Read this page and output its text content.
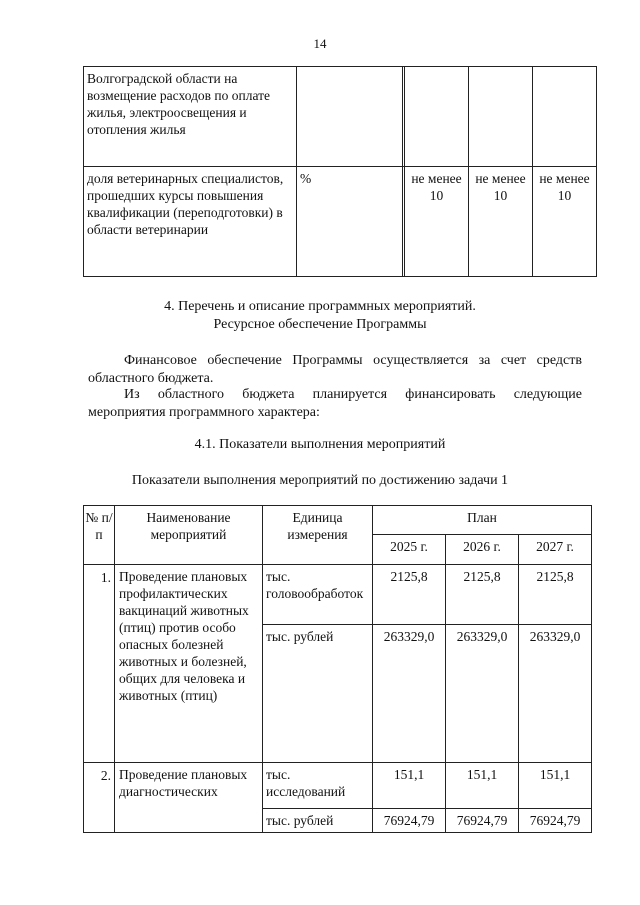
14
Волгоградской области на возмещение расходов по оплате жилья, электроосвещения и отопления жилья					
доля ветеринарных специалистов, прошедших курсы повышения квалификации (переподготовки) в области ветеринарии	%		не менее 10	не менее 10	не менее 10
4. Перечень и описание программных мероприятий.
Ресурсное обеспечение Программы
Финансовое обеспечение Программы осуществляется за счет средств областного бюджета.
Из областного бюджета планируется финансировать следующие мероприятия программного характера:
4.1. Показатели выполнения мероприятий
Показатели выполнения мероприятий по достижению задачи 1
№ п/п	Наименование мероприятий	Единица измерения	План		
			2025 г.	2026 г.	2027 г.
1.	Проведение плановых профилактических вакцинаций животных (птиц) против особо опасных болезней животных и болезней, общих для человека и животных (птиц)	тыс. головообработок	2125,8	2125,8	2125,8
		тыс. рублей	263329,0	263329,0	263329,0
2.	Проведение плановых диагностических	тыс. исследований	151,1	151,1	151,1
		тыс. рублей	76924,79	76924,79	76924,79
